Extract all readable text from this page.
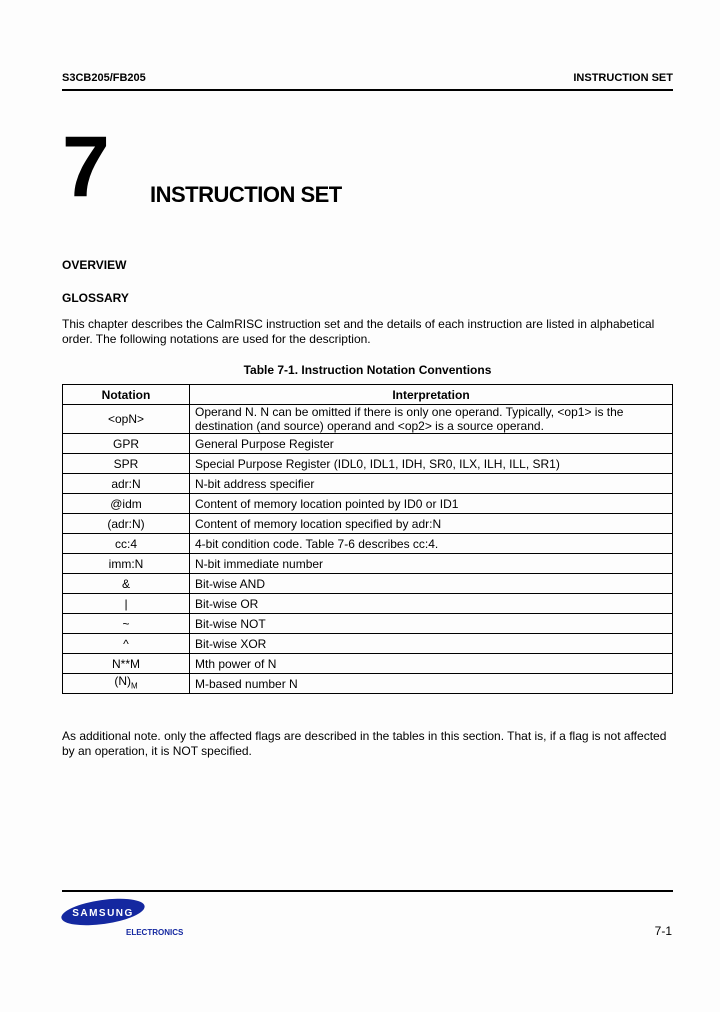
S3CB205/FB205	INSTRUCTION SET
7 INSTRUCTION SET
OVERVIEW
GLOSSARY
This chapter describes the CalmRISC instruction set and the details of each instruction are listed in alphabetical order. The following notations are used for the description.
Table 7-1. Instruction Notation Conventions
Notation	Interpretation
<opN>	Operand N. N can be omitted if there is only one operand. Typically, <op1> is the destination (and source) operand and <op2> is a source operand.
GPR	General Purpose Register
SPR	Special Purpose Register (IDL0, IDL1, IDH, SR0, ILX, ILH, ILL, SR1)
adr:N	N-bit address specifier
@idm	Content of memory location pointed by ID0 or ID1
(adr:N)	Content of memory location specified by adr:N
cc:4	4-bit condition code. Table 7-6 describes cc:4.
imm:N	N-bit immediate number
&	Bit-wise AND
|	Bit-wise OR
~	Bit-wise NOT
^	Bit-wise XOR
N**M	Mth power of N
$(N)_M$	M-based number N
As additional note. only the affected flags are described in the tables in this section. That is, if a flag is not affected by an operation, it is NOT specified.
SAMSUNG
ELECTRONICS	7-1
